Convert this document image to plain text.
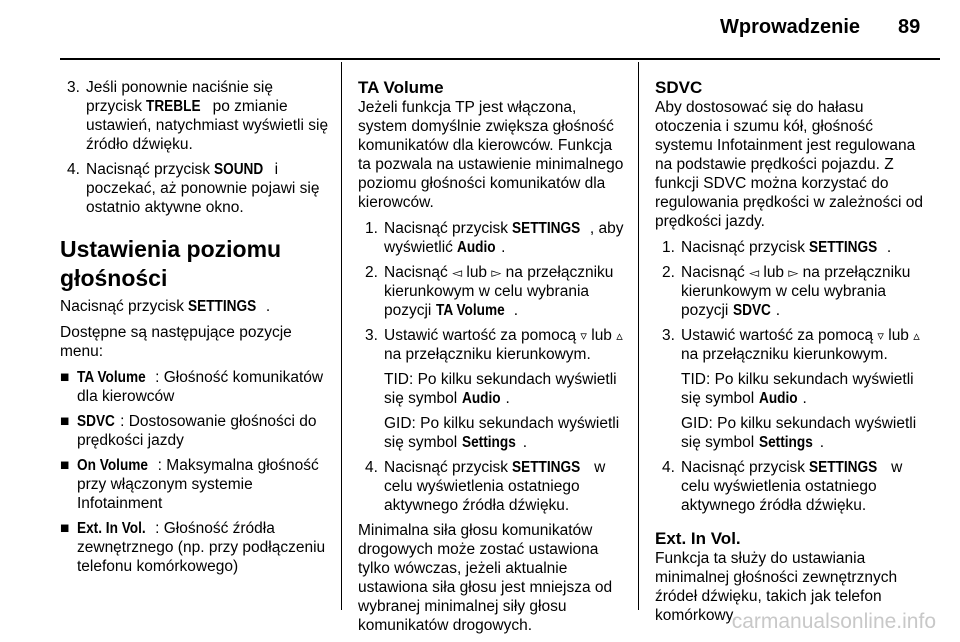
Wprowadzenie 89
3. Jeśli ponownie naciśnie się przycisk TREBLE po zmianie ustawień, natychmiast wyświetli się źródło dźwięku.
4. Nacisnąć przycisk SOUND i poczekać, aż ponownie pojawi się ostatnio aktywne okno.
Ustawienia poziomu głośności

Nacisnąć przycisk SETTINGS .

Dostępne są następujące pozycje menu:

■ TA Volume : Głośność komunikatów dla kierowców
■ SDVC : Dostosowanie głośności do prędkości jazdy
■ On Volume : Maksymalna głośność przy włączonym systemie Infotainment
■ Ext. In Vol. : Głośność źródła zewnętrznego (np. przy podłączeniu telefonu komórkowego)
TA Volume

Jeżeli funkcja TP jest włączona, system domyślnie zwiększa głośność komunikatów dla kierowców. Funkcja ta pozwala na ustawienie minimalnego poziomu głośności komunikatów dla kierowców.

1. Nacisnąć przycisk SETTINGS , aby wyświetlić Audio .
2. Nacisnąć ◅ lub ▻ na przełączniku kierunkowym w celu wybrania pozycji TA Volume .
3. Ustawić wartość za pomocą ▿ lub ▵ na przełączniku kierunkowym.
TID: Po kilku sekundach wyświetli się symbol Audio .
GID: Po kilku sekundach wyświetli się symbol Settings .
4. Nacisnąć przycisk SETTINGS w celu wyświetlenia ostatniego aktywnego źródła dźwięku.

Minimalna siła głosu komunikatów drogowych może zostać ustawiona tylko wówczas, jeżeli aktualnie ustawiona siła głosu jest mniejsza od wybranej minimalnej siły głosu komunikatów drogowych.

SDVC

Aby dostosować się do hałasu otoczenia i szumu kół, głośność systemu Infotainment jest regulowana na podstawie prędkości pojazdu. Z funkcji SDVC można korzystać do regulowania prędkości w zależności od prędkości jazdy.

1. Nacisnąć przycisk SETTINGS .
2. Nacisnąć ◅ lub ▻ na przełączniku kierunkowym w celu wybrania pozycji SDVC .
3. Ustawić wartość za pomocą ▿ lub ▵ na przełączniku kierunkowym.
TID: Po kilku sekundach wyświetli się symbol Audio .
GID: Po kilku sekundach wyświetli się symbol Settings .
4. Nacisnąć przycisk SETTINGS w celu wyświetlenia ostatniego aktywnego źródła dźwięku.
Ext. In Vol.

Funkcja ta służy do ustawiania minimalnej głośności zewnętrznych źródeł dźwięku, takich jak telefon komórkowy.

carmanualsonline.info
